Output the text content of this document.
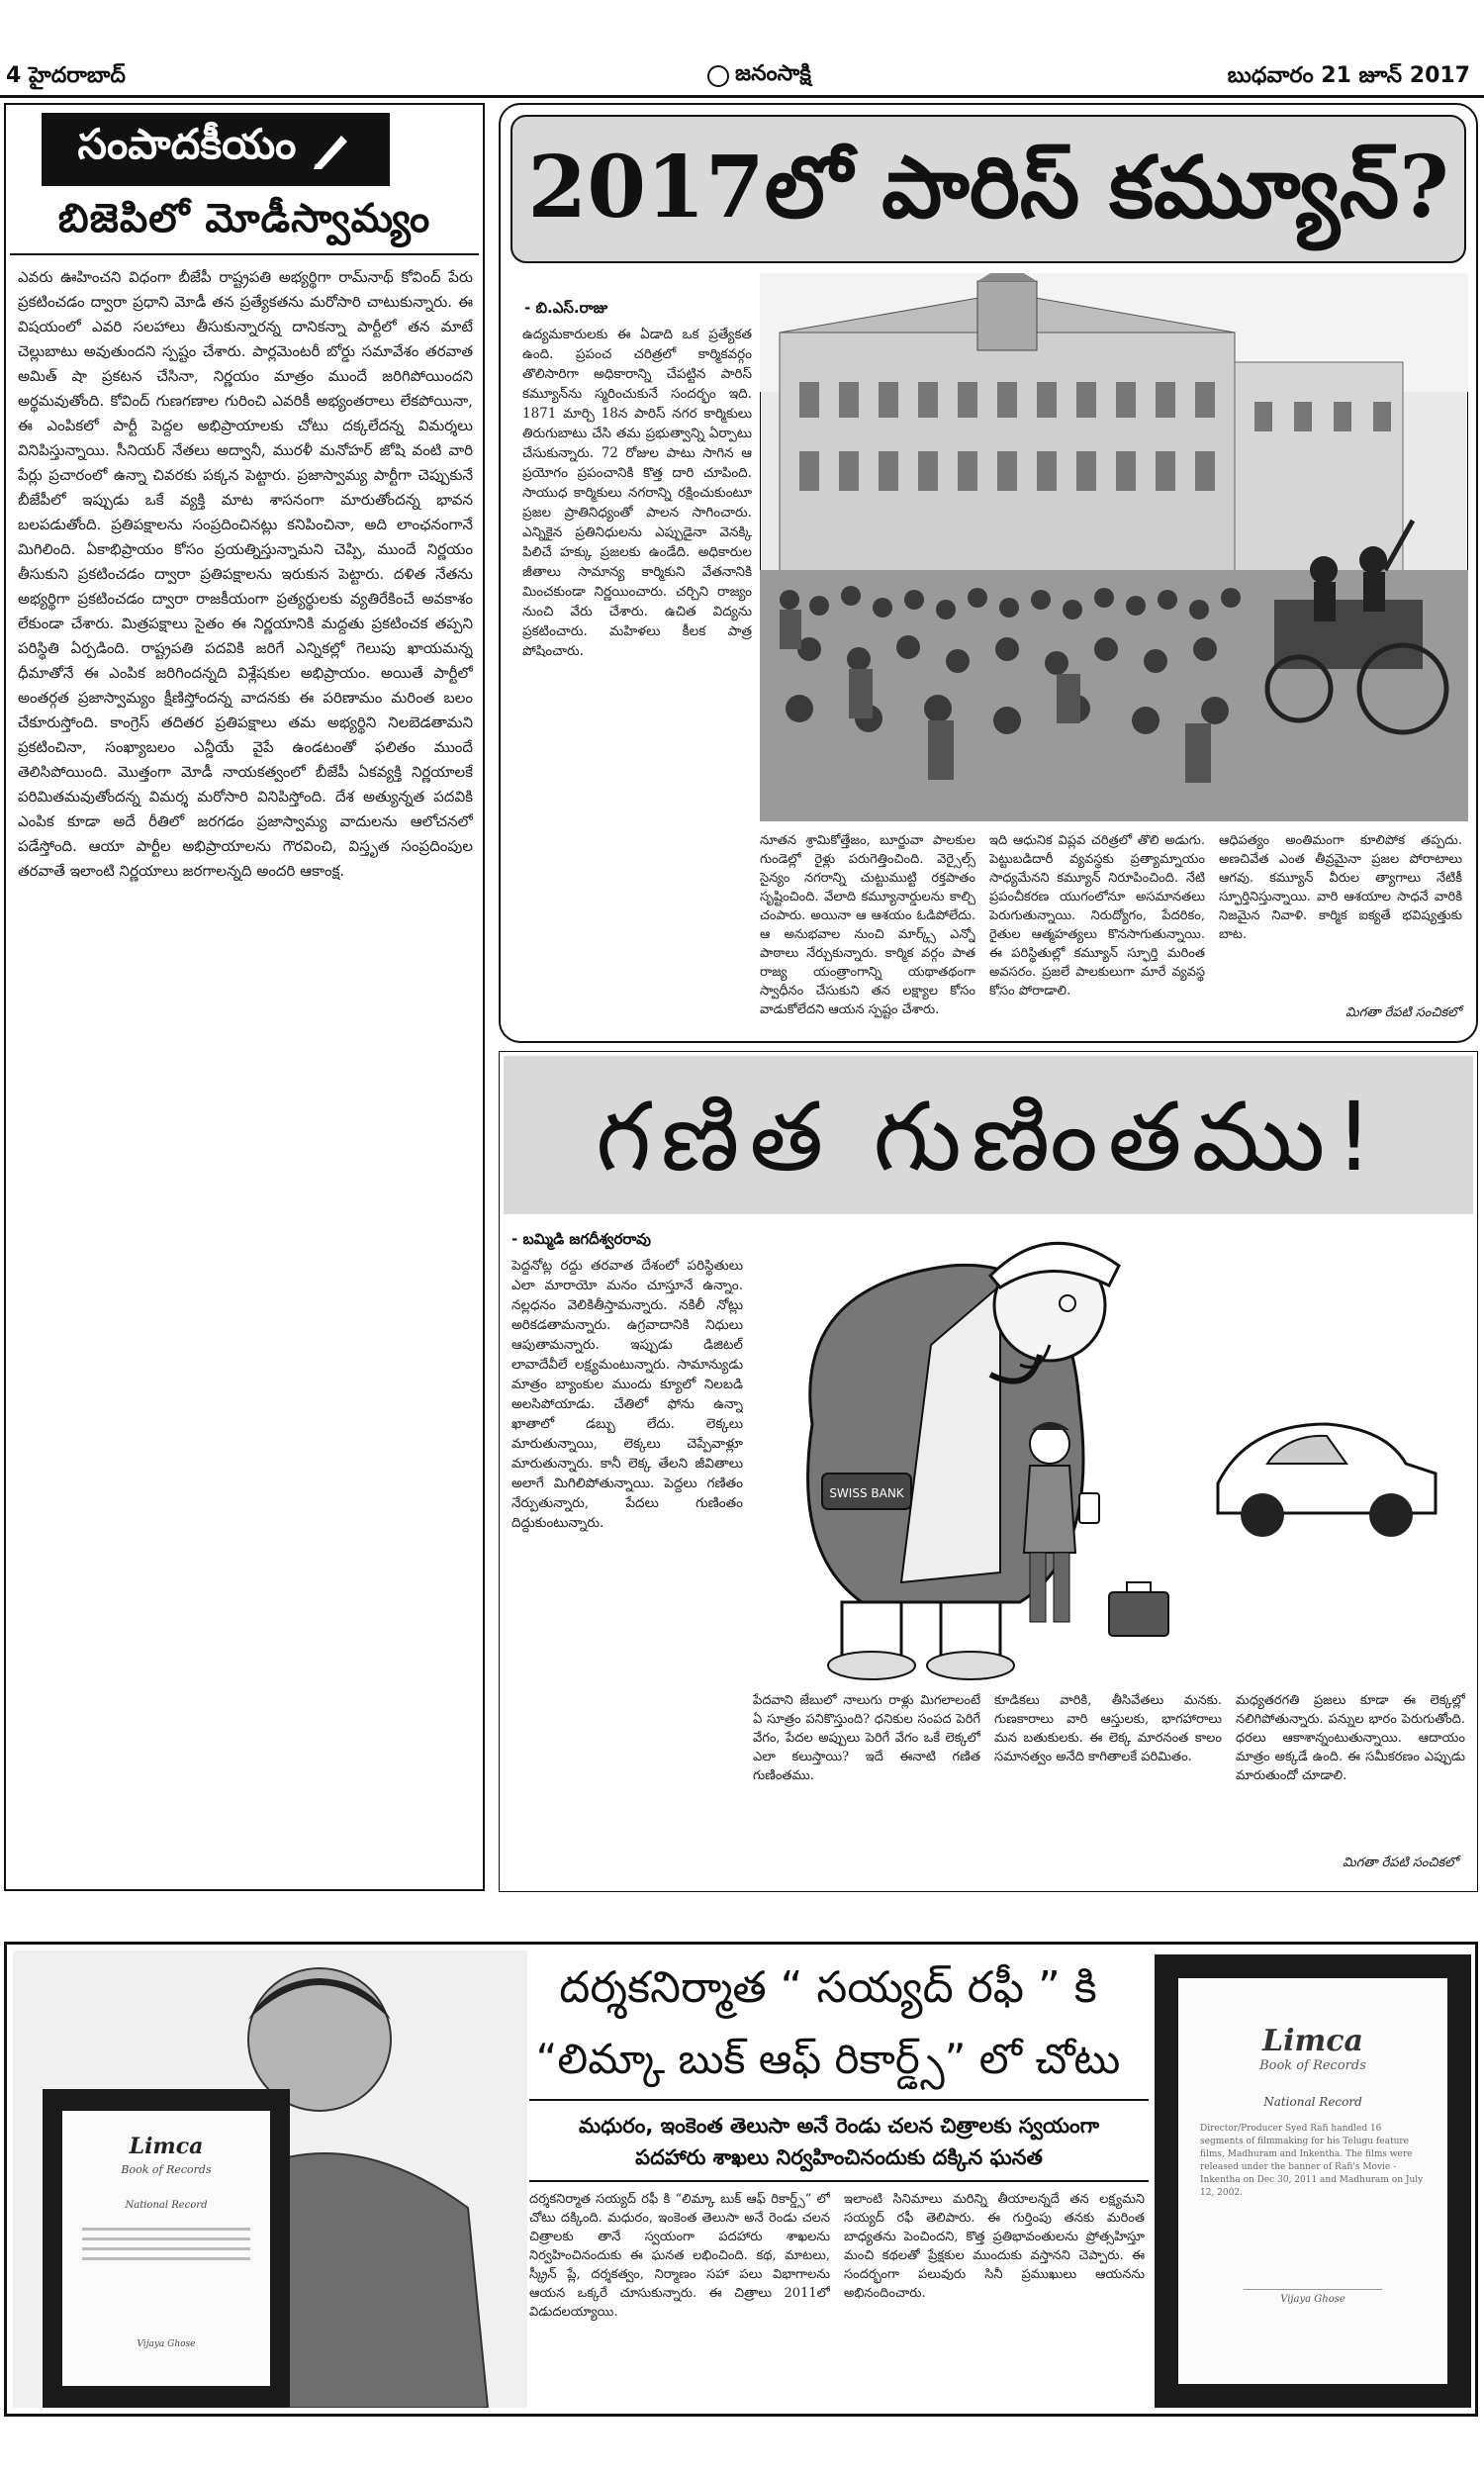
4 హైదరాబాద్	జనంసాక్షి	బుధవారం 21 జూన్ 2017
సంపాదకీయం
బిజెపిలో మోడీస్వామ్యం
ఎవరు ఊహించని విధంగా బీజేపీ రాష్ట్రపతి అభ్యర్థిగా రామ్‌నాథ్ కోవింద్ పేరు ప్రకటించడం ద్వారా ప్రధాని మోడీ తన ప్రత్యేకతను మరోసారి చాటుకున్నారు. ఈ విషయంలో ఎవరి సలహాలు తీసుకున్నారన్న దానికన్నా పార్టీలో తన మాటే చెల్లుబాటు అవుతుందని స్పష్టం చేశారు. పార్లమెంటరీ బోర్డు సమావేశం తరవాత అమిత్ షా ప్రకటన చేసినా, నిర్ణయం మాత్రం ముందే జరిగిపోయిందని అర్థమవుతోంది. కోవింద్ గుణగణాల గురించి ఎవరికీ అభ్యంతరాలు లేకపోయినా, ఈ ఎంపికలో పార్టీ పెద్దల అభిప్రాయాలకు చోటు దక్కలేదన్న విమర్శలు వినిపిస్తున్నాయి. సీనియర్ నేతలు అద్వానీ, మురళీ మనోహర్ జోషి వంటి వారి పేర్లు ప్రచారంలో ఉన్నా చివరకు పక్కన పెట్టారు. ప్రజాస్వామ్య పార్టీగా చెప్పుకునే బీజేపీలో ఇప్పుడు ఒకే వ్యక్తి మాట శాసనంగా మారుతోందన్న భావన బలపడుతోంది. ప్రతిపక్షాలను సంప్రదించినట్లు కనిపించినా, అది లాంఛనంగానే మిగిలింది. ఏకాభిప్రాయం కోసం ప్రయత్నిస్తున్నామని చెప్పి, ముందే నిర్ణయం తీసుకుని ప్రకటించడం ద్వారా ప్రతిపక్షాలను ఇరుకున పెట్టారు. దళిత నేతను అభ్యర్థిగా ప్రకటించడం ద్వారా రాజకీయంగా ప్రత్యర్థులకు వ్యతిరేకించే అవకాశం లేకుండా చేశారు. మిత్రపక్షాలు సైతం ఈ నిర్ణయానికి మద్దతు ప్రకటించక తప్పని పరిస్థితి ఏర్పడింది. రాష్ట్రపతి పదవికి జరిగే ఎన్నికల్లో గెలుపు ఖాయమన్న ధీమాతోనే ఈ ఎంపిక జరిగిందన్నది విశ్లేషకుల అభిప్రాయం. అయితే పార్టీలో అంతర్గత ప్రజాస్వామ్యం క్షీణిస్తోందన్న వాదనకు ఈ పరిణామం మరింత బలం చేకూరుస్తోంది. కాంగ్రెస్ తదితర ప్రతిపక్షాలు తమ అభ్యర్థిని నిలబెడతామని ప్రకటించినా, సంఖ్యాబలం ఎన్డీయే వైపే ఉండటంతో ఫలితం ముందే తెలిసిపోయింది. మొత్తంగా మోడీ నాయకత్వంలో బీజేపీ ఏకవ్యక్తి నిర్ణయాలకే పరిమితమవుతోందన్న విమర్శ మరోసారి వినిపిస్తోంది. దేశ అత్యున్నత పదవికి ఎంపిక కూడా అదే రీతిలో జరగడం ప్రజాస్వామ్య వాదులను ఆలోచనలో పడేస్తోంది. ఆయా పార్టీల అభిప్రాయాలను గౌరవించి, విస్తృత సంప్రదింపుల తరవాతే ఇలాంటి నిర్ణయాలు జరగాలన్నది అందరి ఆకాంక్ష.
2017లో పారిస్ కమ్యూన్?
- బి.ఎస్.రాజు
ఉద్యమకారులకు ఈ ఏడాది ఒక ప్రత్యేకత ఉంది. ప్రపంచ చరిత్రలో కార్మికవర్గం తొలిసారిగా అధికారాన్ని చేపట్టిన పారిస్ కమ్యూన్‌ను స్మరించుకునే సందర్భం ఇది. 1871 మార్చి 18న పారిస్ నగర కార్మికులు తిరుగుబాటు చేసి తమ ప్రభుత్వాన్ని ఏర్పాటు చేసుకున్నారు. 72 రోజుల పాటు సాగిన ఆ ప్రయోగం ప్రపంచానికి కొత్త దారి చూపింది. సాయుధ కార్మికులు నగరాన్ని రక్షించుకుంటూ ప్రజల ప్రాతినిధ్యంతో పాలన సాగించారు. ఎన్నికైన ప్రతినిధులను ఎప్పుడైనా వెనక్కి పిలిచే హక్కు ప్రజలకు ఉండేది. అధికారుల జీతాలు సామాన్య కార్మికుని వేతనానికి మించకుండా నిర్ణయించారు. చర్చిని రాజ్యం నుంచి వేరు చేశారు. ఉచిత విద్యను ప్రకటించారు. మహిళలు కీలక పాత్ర పోషించారు.
నూతన శ్రామికోత్తేజం, బూర్జువా పాలకుల గుండెల్లో రైళ్లు పరుగెత్తించింది. వెర్సైల్స్ సైన్యం నగరాన్ని చుట్టుముట్టి రక్తపాతం సృష్టించింది. వేలాది కమ్యూనార్డులను కాల్చి చంపారు. అయినా ఆ ఆశయం ఓడిపోలేదు. ఆ అనుభవాల నుంచి మార్క్స్ ఎన్నో పాఠాలు నేర్చుకున్నారు. కార్మిక వర్గం పాత రాజ్య యంత్రాంగాన్ని యథాతథంగా స్వాధీనం చేసుకుని తన లక్ష్యాల కోసం వాడుకోలేదని ఆయన స్పష్టం చేశారు.
ఇది ఆధునిక విప్లవ చరిత్రలో తొలి అడుగు. పెట్టుబడిదారీ వ్యవస్థకు ప్రత్యామ్నాయం సాధ్యమేనని కమ్యూన్ నిరూపించింది. నేటి ప్రపంచీకరణ యుగంలోనూ అసమానతలు పెరుగుతున్నాయి. నిరుద్యోగం, పేదరికం, రైతుల ఆత్మహత్యలు కొనసాగుతున్నాయి. ఈ పరిస్థితుల్లో కమ్యూన్ స్ఫూర్తి మరింత అవసరం. ప్రజలే పాలకులుగా మారే వ్యవస్థ కోసం పోరాడాలి.
ఆధిపత్యం అంతిమంగా కూలిపోక తప్పదు. అణచివేత ఎంత తీవ్రమైనా ప్రజల పోరాటాలు ఆగవు. కమ్యూన్ వీరుల త్యాగాలు నేటికీ స్ఫూర్తినిస్తున్నాయి. వారి ఆశయాల సాధనే వారికి నిజమైన నివాళి. కార్మిక ఐక్యతే భవిష్యత్తుకు బాట.
మిగతా రేపటి సంచికలో
గణిత గుణింతము!
- బమ్మిడి జగదీశ్వరరావు
పెద్దనోట్ల రద్దు తరవాత దేశంలో పరిస్థితులు ఎలా మారాయో మనం చూస్తూనే ఉన్నాం. నల్లధనం వెలికితీస్తామన్నారు. నకిలీ నోట్లు అరికడతామన్నారు. ఉగ్రవాదానికి నిధులు ఆపుతామన్నారు. ఇప్పుడు డిజిటల్ లావాదేవీలే లక్ష్యమంటున్నారు. సామాన్యుడు మాత్రం బ్యాంకుల ముందు క్యూలో నిలబడి అలసిపోయాడు. చేతిలో ఫోను ఉన్నా ఖాతాలో డబ్బు లేదు. లెక్కలు మారుతున్నాయి, లెక్కలు చెప్పేవాళ్లూ మారుతున్నారు. కానీ లెక్క తేలని జీవితాలు అలాగే మిగిలిపోతున్నాయి. పెద్దలు గణితం నేర్పుతున్నారు, పేదలు గుణింతం దిద్దుకుంటున్నారు.
SWISS BANK
పేదవాని జేబులో నాలుగు రాళ్లు మిగలాలంటే ఏ సూత్రం పనికొస్తుంది? ధనికుల సంపద పెరిగే వేగం, పేదల అప్పులు పెరిగే వేగం ఒకే లెక్కలో ఎలా కలుస్తాయి? ఇదే ఈనాటి గణిత గుణింతము.
కూడికలు వారికి, తీసివేతలు మనకు. గుణకారాలు వారి ఆస్తులకు, భాగహారాలు మన బతుకులకు. ఈ లెక్క మారనంత కాలం సమానత్వం అనేది కాగితాలకే పరిమితం.
మధ్యతరగతి ప్రజలు కూడా ఈ లెక్కల్లో నలిగిపోతున్నారు. పన్నుల భారం పెరుగుతోంది. ధరలు ఆకాశాన్నంటుతున్నాయి. ఆదాయం మాత్రం అక్కడే ఉంది. ఈ సమీకరణం ఎప్పుడు మారుతుందో చూడాలి.
మిగతా రేపటి సంచికలో
Limca
Book of Records
National Record
Vijaya Ghose
దర్శకనిర్మాత “ సయ్యద్ రఫీ ” కి
“లిమ్కా బుక్ ఆఫ్ రికార్డ్స్” లో చోటు
మధురం, ఇంకెంత తెలుసా అనే రెండు చలన చిత్రాలకు స్వయంగా
పదహారు శాఖలు నిర్వహించినందుకు దక్కిన ఘనత
దర్శకనిర్మాత సయ్యద్ రఫీ కి “లిమ్కా బుక్ ఆఫ్ రికార్డ్స్” లో చోటు దక్కింది. మధురం, ఇంకెంత తెలుసా అనే రెండు చలన చిత్రాలకు తానే స్వయంగా పదహారు శాఖలను నిర్వహించినందుకు ఈ ఘనత లభించింది. కథ, మాటలు, స్క్రీన్ ప్లే, దర్శకత్వం, నిర్మాణం సహా పలు విభాగాలను ఆయన ఒక్కరే చూసుకున్నారు. ఈ చిత్రాలు 2011లో విడుదలయ్యాయి.
ఇలాంటి సినిమాలు మరిన్ని తీయాలన్నదే తన లక్ష్యమని సయ్యద్ రఫీ తెలిపారు. ఈ గుర్తింపు తనకు మరింత బాధ్యతను పెంచిందని, కొత్త ప్రతిభావంతులను ప్రోత్సహిస్తూ మంచి కథలతో ప్రేక్షకుల ముందుకు వస్తానని చెప్పారు. ఈ సందర్భంగా పలువురు సినీ ప్రముఖులు ఆయనను అభినందించారు.
Limca
Book of Records
National Record
Director/Producer Syed Rafi handled 16 segments of filmmaking for his Telugu feature films, Madhuram and Inkentha. The films were released under the banner of Rafi's Movie - Inkentha on Dec 30, 2011 and Madhuram on July 12, 2002.
Vijaya Ghose
